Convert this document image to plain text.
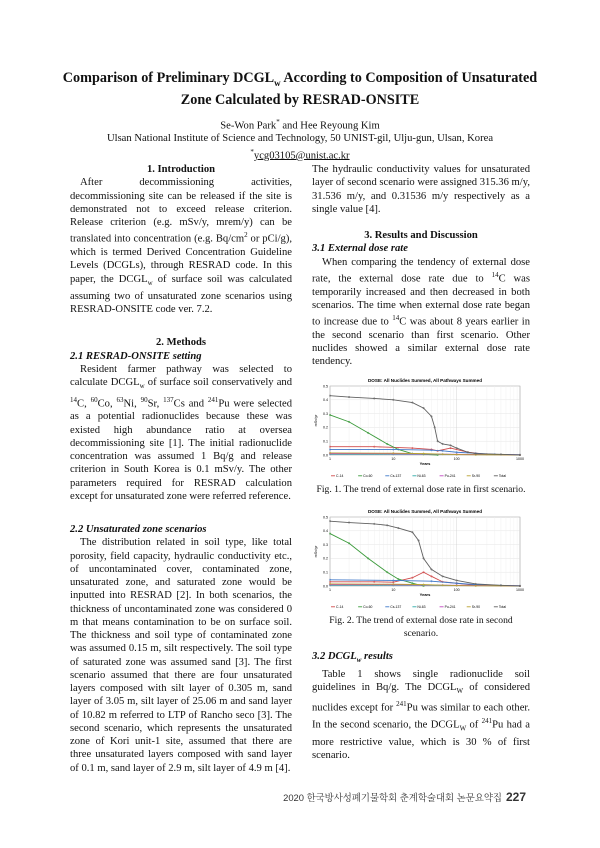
Comparison of Preliminary $DCGL_w$ According to Composition of Unsaturated
Zone Calculated by RESRAD-ONSITE
Se-Won Park* and Hee Reyoung Kim
Ulsan National Institute of Science and Technology, 50 UNIST-gil, Ulju-gun, Ulsan, Korea
*ycg03105@unist.ac.kr

1. Introduction

After decommissioning activities, decommissioning site can be released if the site is demonstrated not to exceed release criterion. Release criterion (e.g. mSv/y, mrem/y) can be translated into concentration (e.g. $Bq/cm^2$ or pCi/g), which is termed Derived Concentration Guideline Levels (DCGLs), through RESRAD code. In this paper, the $DCGL_w$ of surface soil was calculated assuming two of unsaturated zone scenarios using RESRAD-ONSITE code ver. 7.2.

2. Methods

2.1 RESRAD-ONSITE setting

Resident farmer pathway was selected to calculate $DCGL_w$ of surface soil conservatively and $^{14}$C, $^{60}$Co, $^{63}$Ni, $^{90}$Sr, $^{137}$Cs and $^{241}$Pu were selected as a potential radionuclides because these was existed high abundance ratio at oversea decommissioning site [1]. The initial radionuclide concentration was assumed 1 Bq/g and release criterion in South Korea is 0.1 mSv/y. The other parameters required for RESRAD calculation except for unsaturated zone were referred reference.

2.2 Unsaturated zone scenarios

The distribution related in soil type, like total porosity, field capacity, hydraulic conductivity etc., of uncontaminated cover, contaminated zone, unsaturated zone, and saturated zone would be inputted into RESRAD [2]. In both scenarios, the thickness of uncontaminated zone was considered 0 m that means contamination to be on surface soil. The thickness and soil type of contaminated zone was assumed 0.15 m, silt respectively. The soil type of saturated zone was assumed sand [3]. The first scenario assumed that there are four unsaturated layers composed with silt layer of 0.305 m, sand layer of 3.05 m, silt layer of 25.06 m and sand layer of 10.82 m referred to LTP of Rancho seco [3]. The second scenario, which represents the unsaturated zone of Kori unit-1 site, assumed that there are three unsaturated layers composed with sand layer of 0.1 m, sand layer of 2.9 m, silt layer of 4.9 m [4].

The hydraulic conductivity values for unsaturated layer of second scenario were assigned 315.36 m/y, 31.536 m/y, and 0.31536 m/y respectively as a single value [4].

3. Results and Discussion

3.1 External dose rate

When comparing the tendency of external dose rate, the external dose rate due to $^{14}$C was temporarily increased and then decreased in both scenarios. The time when external dose rate began to increase due to $^{14}$C was about 8 years earlier in the second scenario than first scenario. Other nuclides showed a similar external dose rate tendency.

DOSE: All Nuclides Summed, All Pathways Summed
0.5
0.4
0.3
0.2
0.1
0.0
1	10	100	1000
Years
mSv/yr
C-14	Co-60	Cs-137	Ni-63	Pu-241	Sr-90	Total

Fig. 1. The trend of external dose rate in first scenario.

DOSE: All Nuclides Summed, All Pathways Summed
0.5
0.4
0.3
0.2
0.1
0.0
1	10	100	1000
Years
mSv/yr
C-14	Co-60	Cs-137	Ni-63	Pu-241	Sr-90	Total

Fig. 2. The trend of external dose rate in second scenario.

3.2 $DCGL_w$ results

Table 1 shows single radionuclide soil guidelines in Bq/g. The $DCGL_W$ of considered nuclides except for $^{241}$Pu was similar to each other. In the second scenario, the $DCGL_W$ of $^{241}$Pu had a more restrictive value, which is 30 % of first scenario.

2020 한국방사성폐기물학회 춘계학술대회 논문요약집 227
